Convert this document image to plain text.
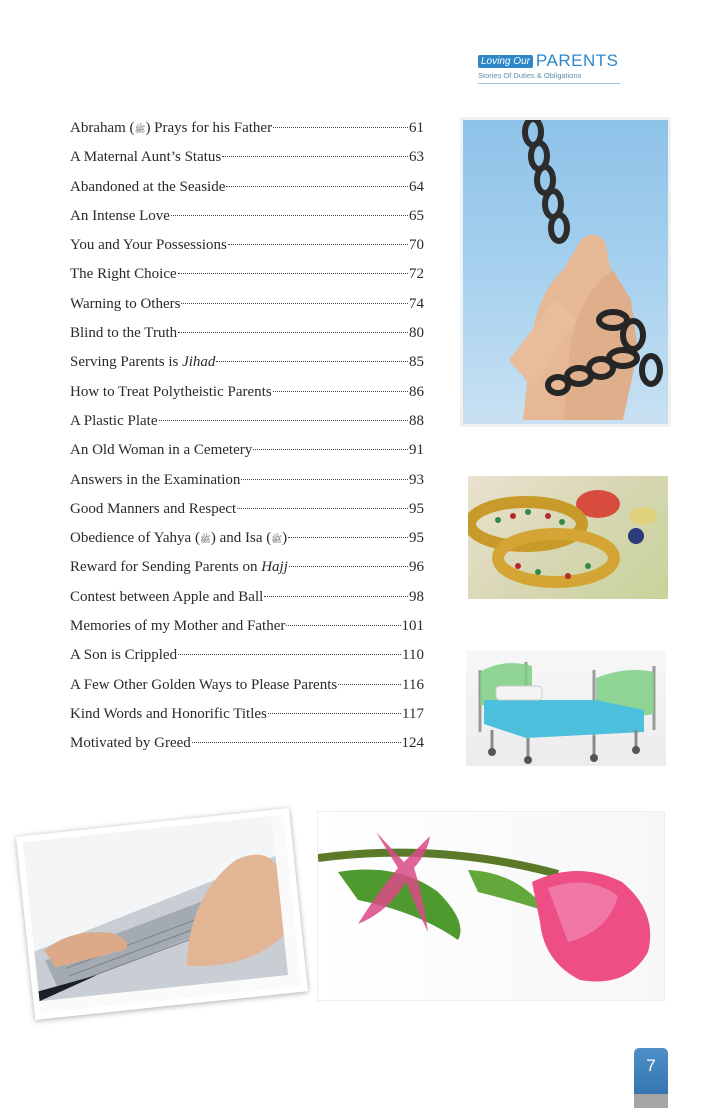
Loving Our PARENTS
Stories Of Duties & Obligations
Abraham (ﷺ) Prays for his Father	61
A Maternal Aunt’s Status	63
Abandoned at the Seaside	64
An Intense Love	65
You and Your Possessions	70
The Right Choice	72
Warning to Others	74
Blind to the Truth	80
Serving Parents is Jihad	85
How to Treat Polytheistic Parents	86
A Plastic Plate	88
An Old Woman in a Cemetery	91
Answers in the Examination	93
Good Manners and Respect	95
Obedience of Yahya (ﷺ) and Isa (ﷺ)	95
Reward for Sending Parents on Hajj	96
Contest between Apple and Ball	98
Memories of my Mother and Father	101
A Son is Crippled	110
A Few Other Golden Ways to Please Parents	116
Kind Words and Honorific Titles	117
Motivated by Greed	124
7
